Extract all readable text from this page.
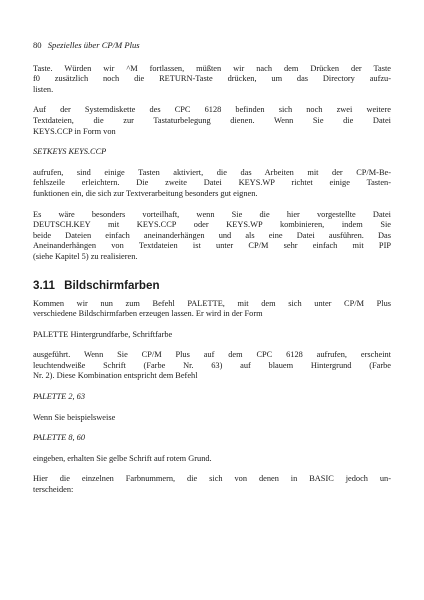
80 Spezielles über CP/M Plus

Taste. Würden wir ^M fortlassen, müßten wir nach dem Drücken der Taste
f0 zusätzlich noch die RETURN-Taste drücken, um das Directory aufzu-
listen.

Auf der Systemdiskette des CPC 6128 befinden sich noch zwei weitere
Textdateien, die zur Tastaturbelegung dienen. Wenn Sie die Datei
KEYS.CCP in Form von

SETKEYS KEYS.CCP

aufrufen, sind einige Tasten aktiviert, die das Arbeiten mit der CP/M-Be-
fehlszeile erleichtern. Die zweite Datei KEYS.WP richtet einige Tasten-
funktionen ein, die sich zur Textverarbeitung besonders gut eignen.

Es wäre besonders vorteilhaft, wenn Sie die hier vorgestellte Datei
DEUTSCH.KEY mit KEYS.CCP oder KEYS.WP kombinieren, indem Sie
beide Dateien einfach aneinanderhängen und als eine Datei ausführen. Das
Aneinanderhängen von Textdateien ist unter CP/M sehr einfach mit PIP
(siehe Kapitel 5) zu realisieren.

3.11 Bildschirmfarben

Kommen wir nun zum Befehl PALETTE, mit dem sich unter CP/M Plus
verschiedene Bildschirmfarben erzeugen lassen. Er wird in der Form

PALETTE Hintergrundfarbe, Schriftfarbe

ausgeführt. Wenn Sie CP/M Plus auf dem CPC 6128 aufrufen, erscheint
leuchtendweiße Schrift (Farbe Nr. 63) auf blauem Hintergrund (Farbe
Nr. 2). Diese Kombination entspricht dem Befehl

PALETTE 2, 63

Wenn Sie beispielsweise

PALETTE 8, 60

eingeben, erhalten Sie gelbe Schrift auf rotem Grund.

Hier die einzelnen Farbnummern, die sich von denen in BASIC jedoch un-
terscheiden:
